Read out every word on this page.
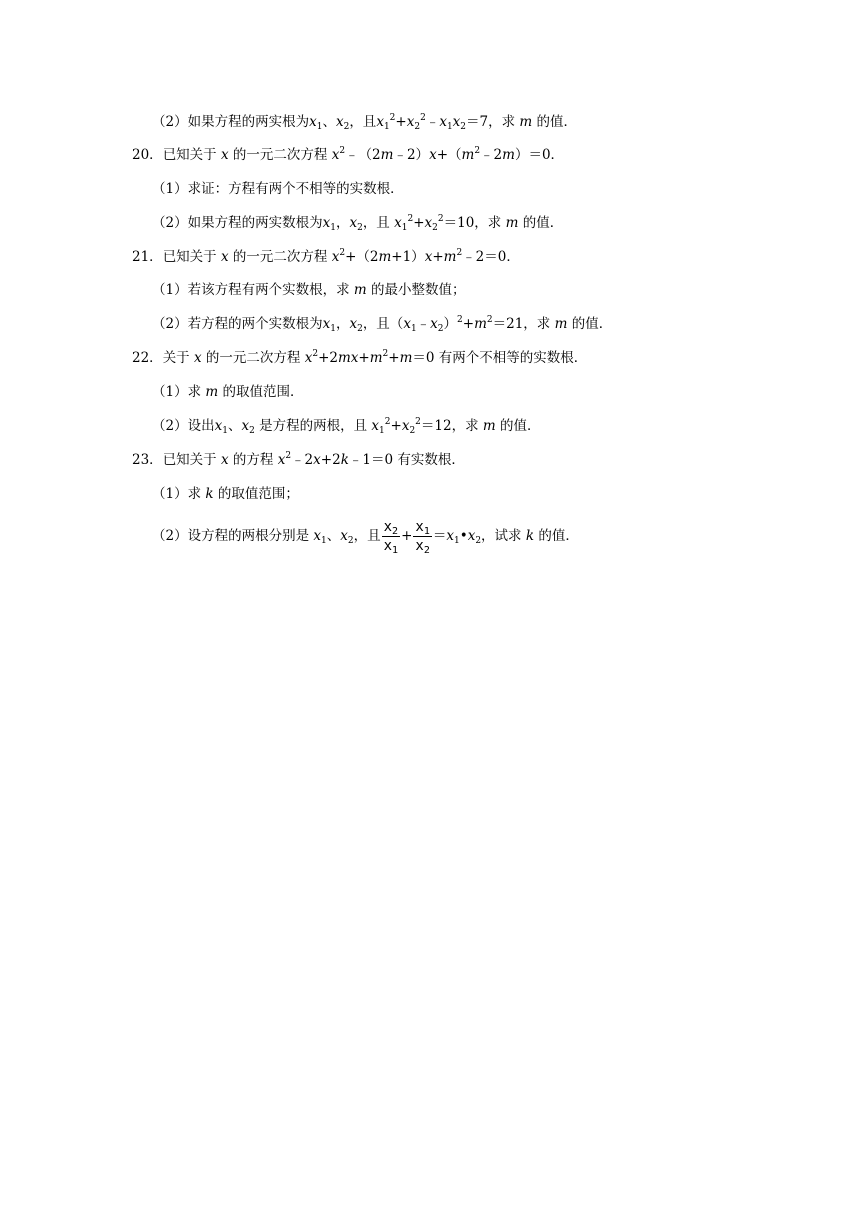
（2）如果方程的两实根为$x_1$、$x_2$，且$x_1^2+x_2^2﹣x_1x_2=7$，求 m 的值．
20．已知关于 x 的一元二次方程 $x^2﹣(2m﹣2)x+(m^2﹣2m)=0$．
（1）求证：方程有两个不相等的实数根．
（2）如果方程的两实数根为$x_1$，$x_2$，且 $x_1^2+x_2^2=10$，求 m 的值．
21．已知关于 x 的一元二次方程 $x^2+(2m+1)x+m^2﹣2=0$．
（1）若该方程有两个实数根，求 m 的最小整数值；
（2）若方程的两个实数根为$x_1$，$x_2$，且$(x_1﹣x_2)^2+m^2=21$，求 m 的值．
22．关于 x 的一元二次方程 $x^2+2mx+m^2+m=0$ 有两个不相等的实数根．
（1）求 m 的取值范围．
（2）设出$x_1$、$x_2$ 是方程的两根，且 $x_1^2+x_2^2=12$，求 m 的值．
23．已知关于 x 的方程 $x^2﹣2x+2k﹣1=0$ 有实数根．
（1）求 k 的取值范围；
（2）设方程的两根分别是 $x_1$、$x_2$，且 $\frac{x_2}{x_1} + \frac{x_1}{x_2}$ $=x_1•x_2$，试求 k 的值．
